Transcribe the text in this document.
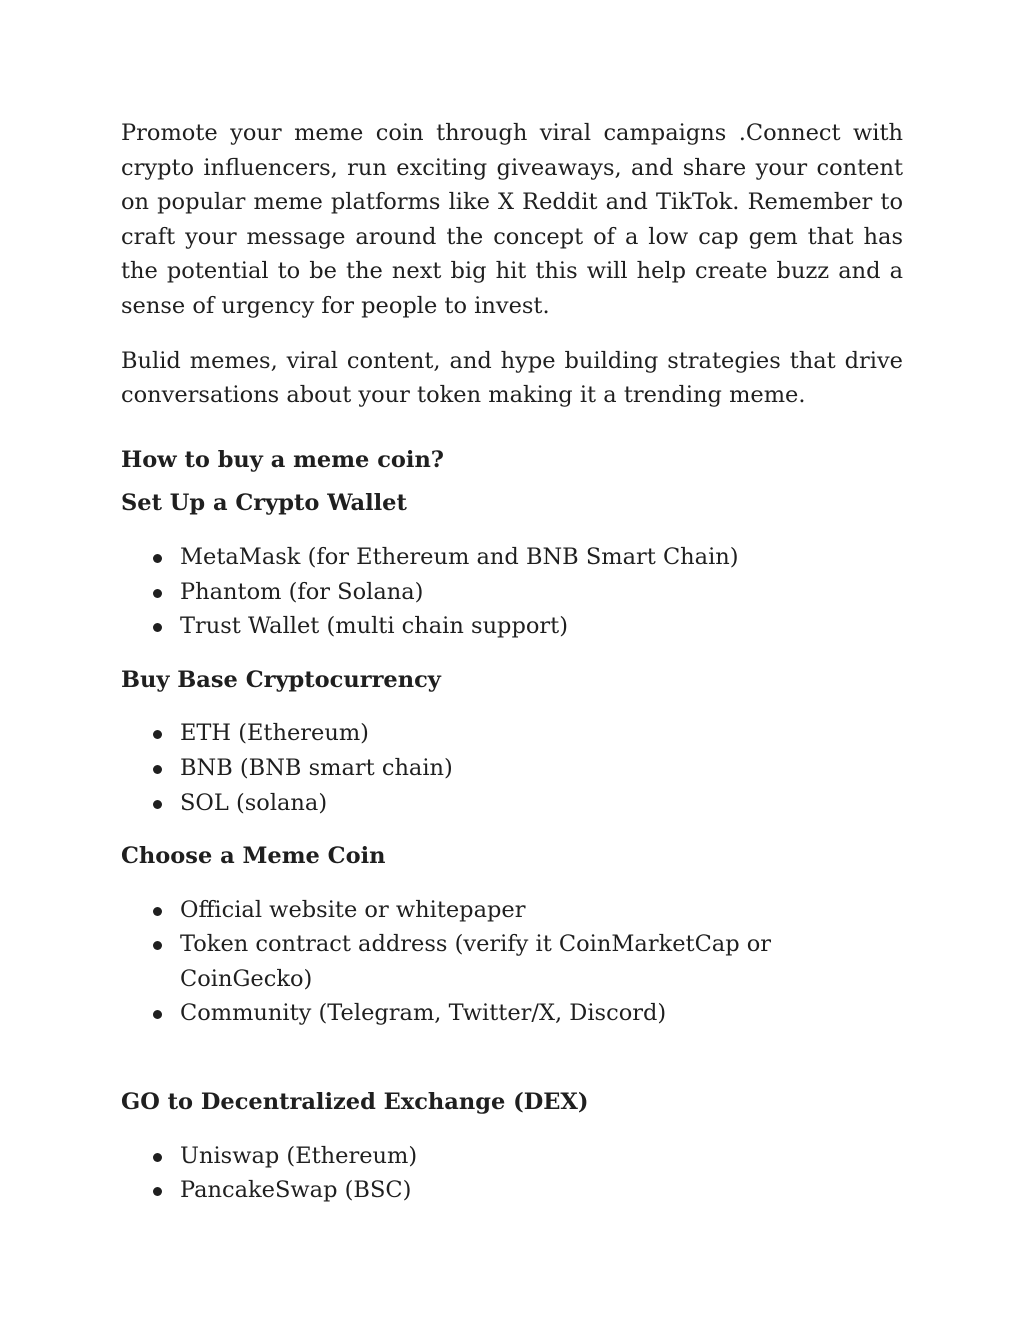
Promote your meme coin through viral campaigns .Connect with crypto influencers, run exciting giveaways, and share your content on popular meme platforms like X Reddit and TikTok. Remember to craft your message around the concept of a low cap gem that has the potential to be the next big hit this will help create buzz and a sense of urgency for people to invest.

Bulid memes, viral content, and hype building strategies that drive conversations about your token making it a trending meme.

How to buy a meme coin?
Set Up a Crypto Wallet
MetaMask (for Ethereum and BNB Smart Chain)
Phantom (for Solana)
Trust Wallet (multi chain support)
Buy Base Cryptocurrency
ETH (Ethereum)
BNB (BNB smart chain)
SOL (solana)
Choose a Meme Coin
Official website or whitepaper
Token contract address (verify it CoinMarketCap or CoinGecko)
Community (Telegram, Twitter/X, Discord)
GO to Decentralized Exchange (DEX)
Uniswap (Ethereum)
PancakeSwap (BSC)
